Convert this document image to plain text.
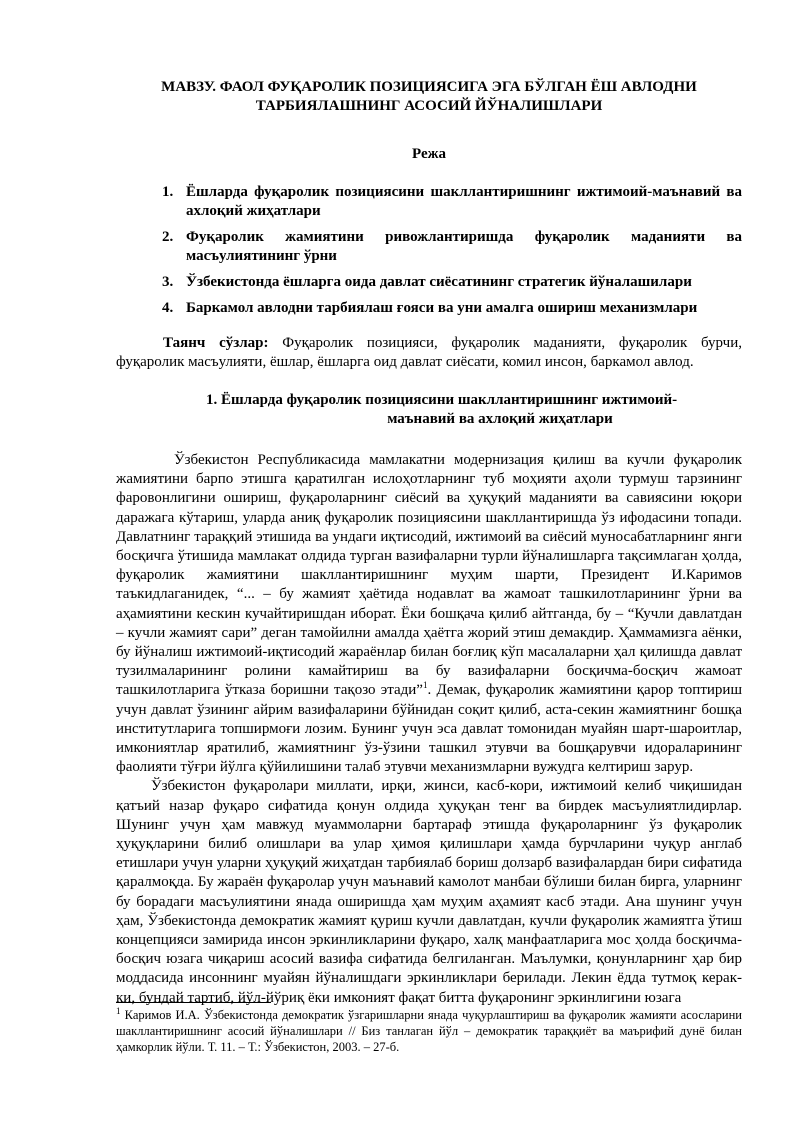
МАВЗУ. ФАОЛ ФУҚАРОЛИК ПОЗИЦИЯСИГА ЭГА БЎЛГАН ЁШ АВЛОДНИ
ТАРБИЯЛАШНИНГ АСОСИЙ ЙЎНАЛИШЛАРИ

Режа
1. Ёшларда фуқаролик позициясини шакллантиришнинг ижтимоий-маънавий ва ахлоқий жиҳатлари
2. Фуқаролик жамиятини ривожлантиришда фуқаролик маданияти ва масъулиятининг ўрни
3. Ўзбекистонда ёшларга оида давлат сиёсатининг стратегик йўналашилари
4. Баркамол авлодни тарбиялаш ғояси ва уни амалга ошириш механизмлари

Таянч сўзлар: Фуқаролик позицияси, фуқаролик маданияти, фуқаролик бурчи, фуқаролик масъулияти, ёшлар, ёшларга оид давлат сиёсати, комил инсон, баркамол авлод.

1. Ёшларда фуқаролик позициясини шакллантиришнинг ижтимоий-
маънавий ва ахлоқий жиҳатлари

Ўзбекистон Республикасида мамлакатни модернизация қилиш ва кучли фуқаролик жамиятини барпо этишга қаратилган ислоҳотларнинг туб моҳияти аҳоли турмуш тарзининг фаровонлигини ошириш, фуқароларнинг сиёсий ва ҳуқуқий маданияти ва савиясини юқори даражага кўтариш, уларда аниқ фуқаролик позициясини шакллантиришда ўз ифодасини топади. Давлатнинг тараққий этишида ва ундаги иқтисодий, ижтимоий ва сиёсий муносабатларнинг янги босқичга ўтишида мамлакат олдида турган вазифаларни турли йўналишларга тақсимлаган ҳолда, фуқаролик жамиятини шакллантиришнинг муҳим шарти, Президент И.Каримов таъкидлаганидек, “... – бу жамият ҳаётида нодавлат ва жамоат ташкилотларининг ўрни ва аҳамиятини кескин кучайтиришдан иборат. Ёки бошқача қилиб айтганда, бу – “Кучли давлатдан – кучли жамият сари” деган тамойилни амалда ҳаётга жорий этиш демакдир. Ҳаммамизга аёнки, бу йўналиш ижтимоий-иқтисодий жараёнлар билан боғлиқ кўп масалаларни ҳал қилишда давлат тузилмаларининг ролини камайтириш ва бу вазифаларни босқичма-босқич жамоат ташкилотларига ўтказа боришни тақозо этади”$^1$. Демак, фуқаролик жамиятини қарор топтириш учун давлат ўзининг айрим вазифаларини бўйнидан соқит қилиб, аста-секин жамиятнинг бошқа институтларига топширмоғи лозим. Бунинг учун эса давлат томонидан муайян шарт-шароитлар, имкониятлар яратилиб, жамиятнинг ўз-ўзини ташкил этувчи ва бошқарувчи идораларининг фаолияти тўғри йўлга қўйилишини талаб этувчи механизмларни вужудга келтириш зарур.

Ўзбекистон фуқаролари миллати, ирқи, жинси, касб-кори, ижтимоий келиб чиқишидан қатъий назар фуқаро сифатида қонун олдида ҳуқуқан тенг ва бирдек масъулиятлидирлар. Шунинг учун ҳам мавжуд муаммоларни бартараф этишда фуқароларнинг ўз фуқаролик ҳуқуқларини билиб олишлари ва улар ҳимоя қилишлари ҳамда бурчларини чуқур англаб етишлари учун уларни ҳуқуқий жиҳатдан тарбиялаб бориш долзарб вазифалардан бири сифатида қаралмоқда. Бу жараён фуқаролар учун маънавий камолот манбаи бўлиши билан бирга, уларнинг бу борадаги масъулиятини янада оширишда ҳам муҳим аҳамият касб этади. Ана шунинг учун ҳам, Ўзбекистонда демократик жамият қуриш кучли давлатдан, кучли фуқаролик жамиятга ўтиш концепцияси замирида инсон эркинликларини фуқаро, халқ манфаатларига мос ҳолда босқичма-босқич юзага чиқариш асосий вазифа сифатида белгиланган. Маълумки, қонунларнинг ҳар бир моддасида инсоннинг муайян йўналишдаги эркинликлари берилади. Лекин ёдда тутмоқ керак-ки, бундай тартиб, йўл-йўриқ ёки имконият фақат битта фуқаронинг эркинлигини юзага

$^1$ Каримов И.А. Ўзбекистонда демократик ўзгаришларни янада чуқурлаштириш ва фуқаролик жамияти асосларини шакллантиришнинг асосий йўналишлари // Биз танлаган йўл – демократик тараққиёт ва маърифий дунё билан ҳамкорлик йўли. Т. 11. – Т.: Ўзбекистон, 2003. – 27-б.
